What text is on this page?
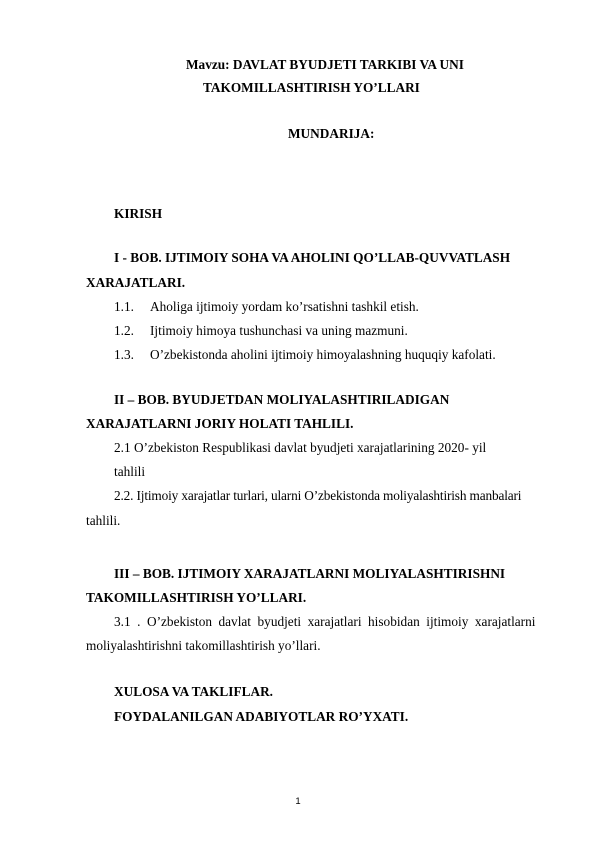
Mavzu: DAVLAT BYUDJETI TARKIBI VA UNI
TAKOMILLASHTIRISH YO’LLARI
MUNDARIJA:
KIRISH
I - BOB. IJTIMOIY SOHA VA AHOLINI QO’LLAB-QUVVATLASH
XARAJATLARI.
1.1. Aholiga ijtimoiy yordam ko’rsatishni tashkil etish.
1.2. Ijtimoiy himoya tushunchasi va uning mazmuni.
1.3. O’zbekistonda aholini ijtimoiy himoyalashning huquqiy kafolati.
II – BOB. BYUDJETDAN MOLIYALASHTIRILADIGAN
XARAJATLARNI JORIY HOLATI TAHLILI.
2.1 O’zbekiston Respublikasi davlat byudjeti xarajatlarining 2020- yil
tahlili
2.2. Ijtimoiy xarajatlar turlari, ularni O’zbekistonda moliyalashtirish manbalari
tahlili.
III – BOB. IJTIMOIY XARAJATLARNI MOLIYALASHTIRISHNI
TAKOMILLASHTIRISH YO’LLARI.
3.1 . O’zbekiston davlat byudjeti xarajatlari hisobidan ijtimoiy xarajatlarni
moliyalashtirishni takomillashtirish yo’llari.
XULOSA VA TAKLIFLAR.
FOYDALANILGAN ADABIYOTLAR RO’YXATI.
1
